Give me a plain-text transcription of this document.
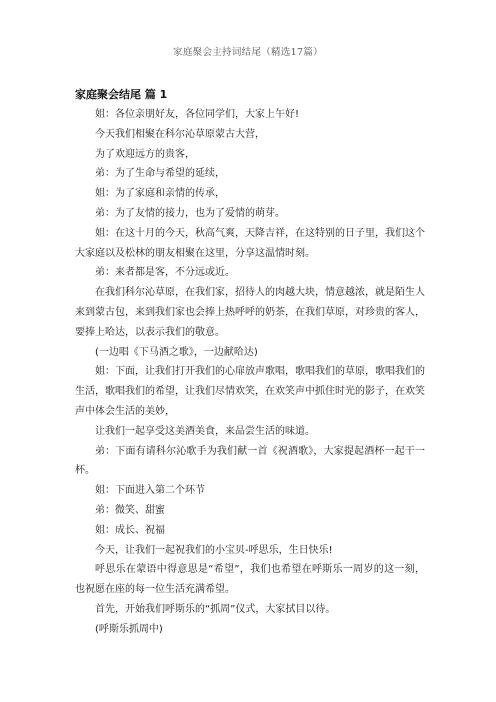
家庭聚会主持词结尾（精选17篇）
家庭聚会结尾 篇 1

姐：各位亲朋好友，各位同学们，大家上午好!

今天我们相聚在科尔沁草原蒙古大营，

为了欢迎远方的贵客，

弟：为了生命与希望的延续，

姐：为了家庭和亲情的传承，

弟：为了友情的接力，也为了爱情的萌芽。

姐：在这十月的今天，秋高气爽，天降吉祥，在这特别的日子里，我们这个大家庭以及松林的朋友相聚在这里，分享这温情时刻。

弟：来者都是客，不分远或近。

在我们科尔沁草原，在我们家，招待人的肉越大块，情意越浓，就是陌生人来到蒙古包，来到我们家也会捧上热呼呼的奶茶，在我们草原，对珍贵的客人，要捧上哈达，以表示我们的敬意。

(一边唱《下马酒之歌》，一边献哈达)

姐：下面，让我们打开我们的心扉放声歌唱，歌唱我们的草原，歌唱我们的生活，歌唱我们的希望，让我们尽情欢笑，在欢笑声中抓住时光的影子，在欢笑声中体会生活的美妙，

让我们一起享受这美酒美食，来品尝生活的味道。

弟：下面有请科尔沁歌手为我们献一首《祝酒歌》，大家提起酒杯一起干一杯。

姐：下面进入第二个环节

弟：微笑、甜蜜

姐：成长、祝福

今天，让我们一起祝我们的小宝贝-呼思乐，生日快乐!

呼思乐在蒙语中得意思是“希望”，我们也希望在呼斯乐一周岁的这一刻，也祝愿在座的每一位生活充满希望。

首先，开始我们呼斯乐的“抓周”仪式，大家拭目以待。

(呼斯乐抓周中)
